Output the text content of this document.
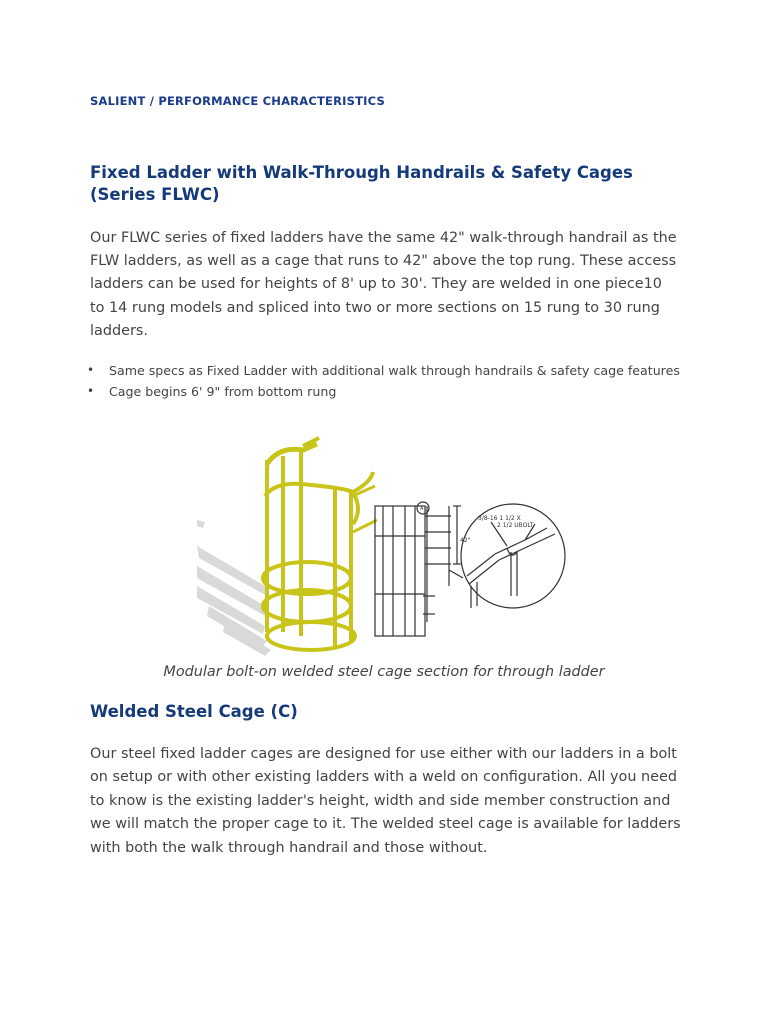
SALIENT / PERFORMANCE CHARACTERISTICS
Fixed Ladder with Walk-Through Handrails & Safety Cages (Series FLWC)

Our FLWC series of fixed ladders have the same 42" walk-through handrail as the FLW ladders, as well as a cage that runs to 42" above the top rung. These access ladders can be used for heights of 8' up to 30'. They are welded in one piece10 to 14 rung models and spliced into two or more sections on 15 rung to 30 rung ladders.

• Same specs as Fixed Ladder with additional walk through handrails & safety cage features
• Cage begins 6' 9" from bottom rung
Modular bolt-on welded steel cage section for through ladder
Welded Steel Cage (C)

Our steel fixed ladder cages are designed for use either with our ladders in a bolt on setup or with other existing ladders with a weld on configuration. All you need to know is the existing ladder's height, width and side member construction and we will match the proper cage to it. The welded steel cage is available for ladders with both the walk through handrail and those without.

42"
A
3/8-16 1 1/2 X
2 1/2 UBOLT
